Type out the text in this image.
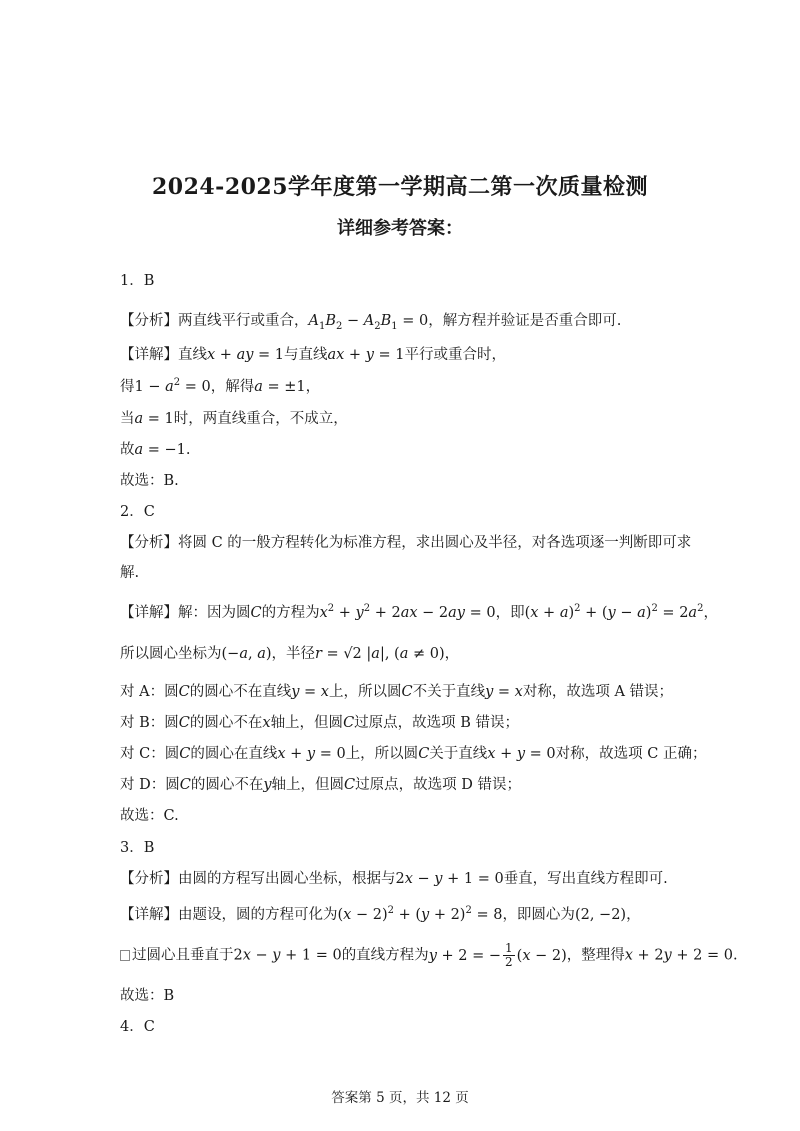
2024-2025学年度第一学期高二第一次质量检测
详细参考答案：
1．B
【分析】两直线平行或重合，$A_1B_2 - A_2B_1 = 0$，解方程并验证是否重合即可.
【详解】直线x + ay = 1与直线ax + y = 1平行或重合时，
得$1 - a^2 = 0$，解得a = ±1，
当a = 1时，两直线重合，不成立，
故a = −1.
故选：B.
2．C
【分析】将圆 C 的一般方程转化为标准方程，求出圆心及半径，对各选项逐一判断即可求解.
【详解】解：因为圆C的方程为$x^2 + y^2 + 2ax - 2ay = 0$，即$(x + a)^2 + (y - a)^2 = 2a^2$，
所以圆心坐标为(−a, a)，半径r = √2 |a|, (a ≠ 0)，
对 A：圆C的圆心不在直线y = x上，所以圆C不关于直线y = x对称，故选项 A 错误；
对 B：圆C的圆心不在x轴上，但圆C过原点，故选项 B 错误；
对 C：圆C的圆心在直线x + y = 0上，所以圆C关于直线x + y = 0对称，故选项 C 正确；
对 D：圆C的圆心不在y轴上，但圆C过原点，故选项 D 错误；
故选：C.
3．B
【分析】由圆的方程写出圆心坐标，根据与2x − y + 1 = 0垂直，写出直线方程即可.
【详解】由题设，圆的方程可化为$(x - 2)^2 + (y + 2)^2 = 8$，即圆心为(2, −2)，
过圆心且垂直于2x − y + 1 = 0的直线方程为y + 2 = − $\frac{1}{2} (x - 2)$，整理得x + 2y + 2 = 0.
故选：B
4．C
答案第 5 页，共 12 页
